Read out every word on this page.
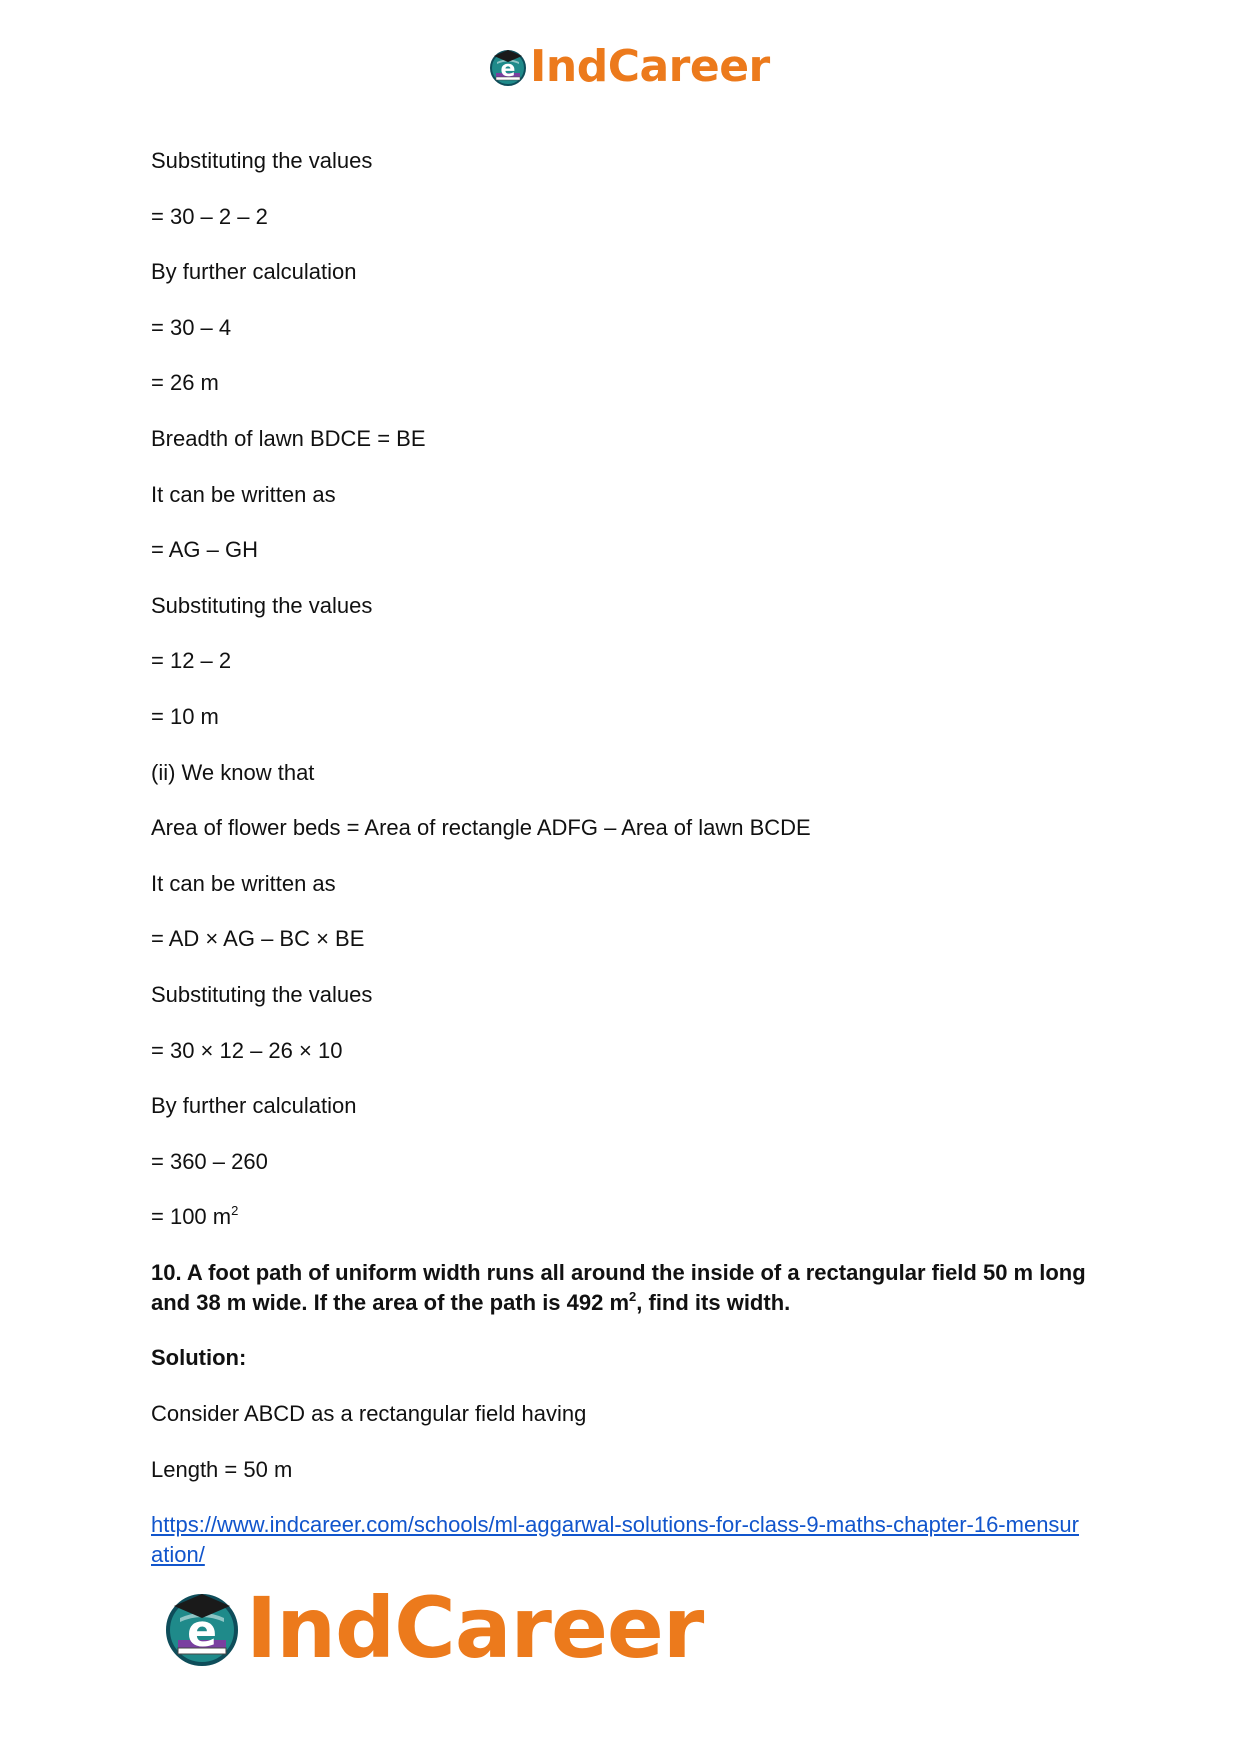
e IndCareer
Substituting the values
= 30 – 2 – 2
By further calculation
= 30 – 4
= 26 m
Breadth of lawn BDCE = BE
It can be written as
= AG – GH
Substituting the values
= 12 – 2
= 10 m
(ii) We know that
Area of flower beds = Area of rectangle ADFG – Area of lawn BCDE
It can be written as
= AD × AG – BC × BE
Substituting the values
= 30 × 12 – 26 × 10
By further calculation
= 360 – 260
= 100 $m^2$
10. A foot path of uniform width runs all around the inside of a rectangular field 50 m long and 38 m wide. If the area of the path is 492 $m^2$, find its width.
Solution:
Consider ABCD as a rectangular field having
Length = 50 m
https://www.indcareer.com/schools/ml-aggarwal-solutions-for-class-9-maths-chapter-16-mensuration/
e IndCareer
